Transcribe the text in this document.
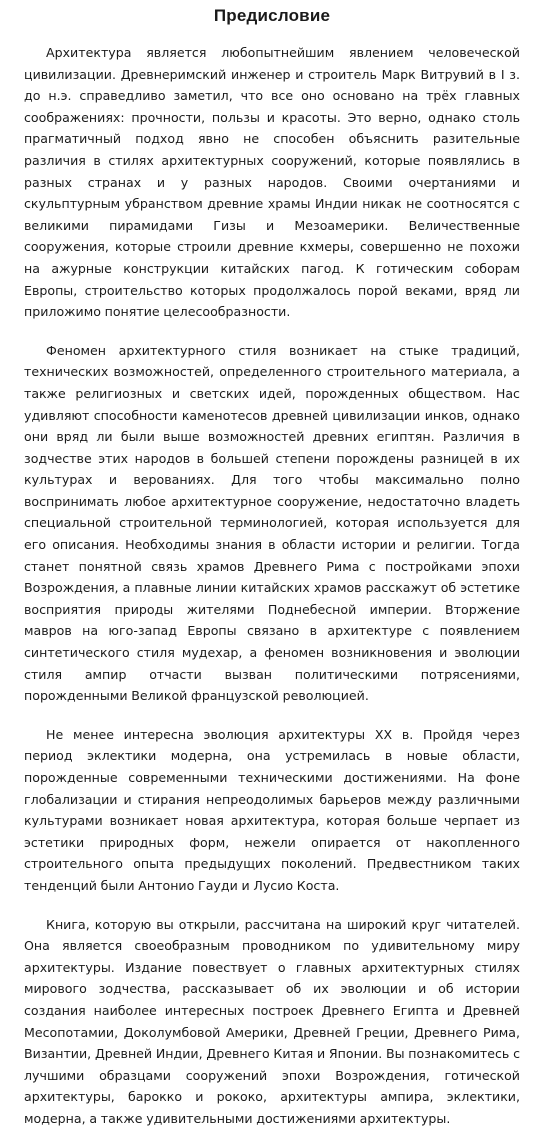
Предисловие

Архитектура является любопытнейшим явлением человеческой цивилизации. Древнеримский инженер и строитель Марк Витрувий в I з. до н.э. справедливо заметил, что все оно основано на трёх главных соображениях: прочности, пользы и красоты. Это верно, однако столь прагматичный подход явно не способен объяснить разительные различия в стилях архитектурных сооружений, которые появлялись в разных странах и у разных народов. Своими очертаниями и скульптурным убранством древние храмы Индии никак не соотносятся с великими пирамидами Гизы и Мезоамерики. Величественные сооружения, которые строили древние кхмеры, совершенно не похожи на ажурные конструкции китайских пагод. К готическим соборам Европы, строительство которых продолжалось порой веками, вряд ли приложимо понятие целесообразности.

Феномен архитектурного стиля возникает на стыке традиций, технических возможностей, определенного строительного материала, а также религиозных и светских идей, порожденных обществом. Нас удивляют способности каменотесов древней цивилизации инков, однако они вряд ли были выше возможностей древних египтян. Различия в зодчестве этих народов в большей степени порождены разницей в их культурах и верованиях. Для того чтобы максимально полно воспринимать любое архитектурное сооружение, недостаточно владеть специальной строительной терминологией, которая используется для его описания. Необходимы знания в области истории и религии. Тогда станет понятной связь храмов Древнего Рима с постройками эпохи Возрождения, а плавные линии китайских храмов расскажут об эстетике восприятия природы жителями Поднебесной империи. Вторжение мавров на юго-запад Европы связано в архитектуре с появлением синтетического стиля мудехар, а феномен возникновения и эволюции стиля ампир отчасти вызван политическими потрясениями, порожденными Великой французской революцией.

Не менее интересна эволюция архитектуры XX в. Пройдя через период эклектики модерна, она устремилась в новые области, порожденные современными техническими достижениями. На фоне глобализации и стирания непреодолимых барьеров между различными культурами возникает новая архитектура, которая больше черпает из эстетики природных форм, нежели опирается от накопленного строительного опыта предыдущих поколений. Предвестником таких тенденций были Антонио Гауди и Лусио Коста.

Книга, которую вы открыли, рассчитана на широкий круг читателей. Она является своеобразным проводником по удивительному миру архитектуры. Издание повествует о главных архитектурных стилях мирового зодчества, рассказывает об их эволюции и об истории создания наиболее интересных построек Древнего Египта и Древней Месопотамии, Доколумбовой Америки, Древней Греции, Древнего Рима, Византии, Древней Индии, Древнего Китая и Японии. Вы познакомитесь с лучшими образцами сооружений эпохи Возрождения, готической архитектуры, барокко и рококо, архитектуры ампира, эклектики, модерна, а также удивительными достижениями архитектуры.
